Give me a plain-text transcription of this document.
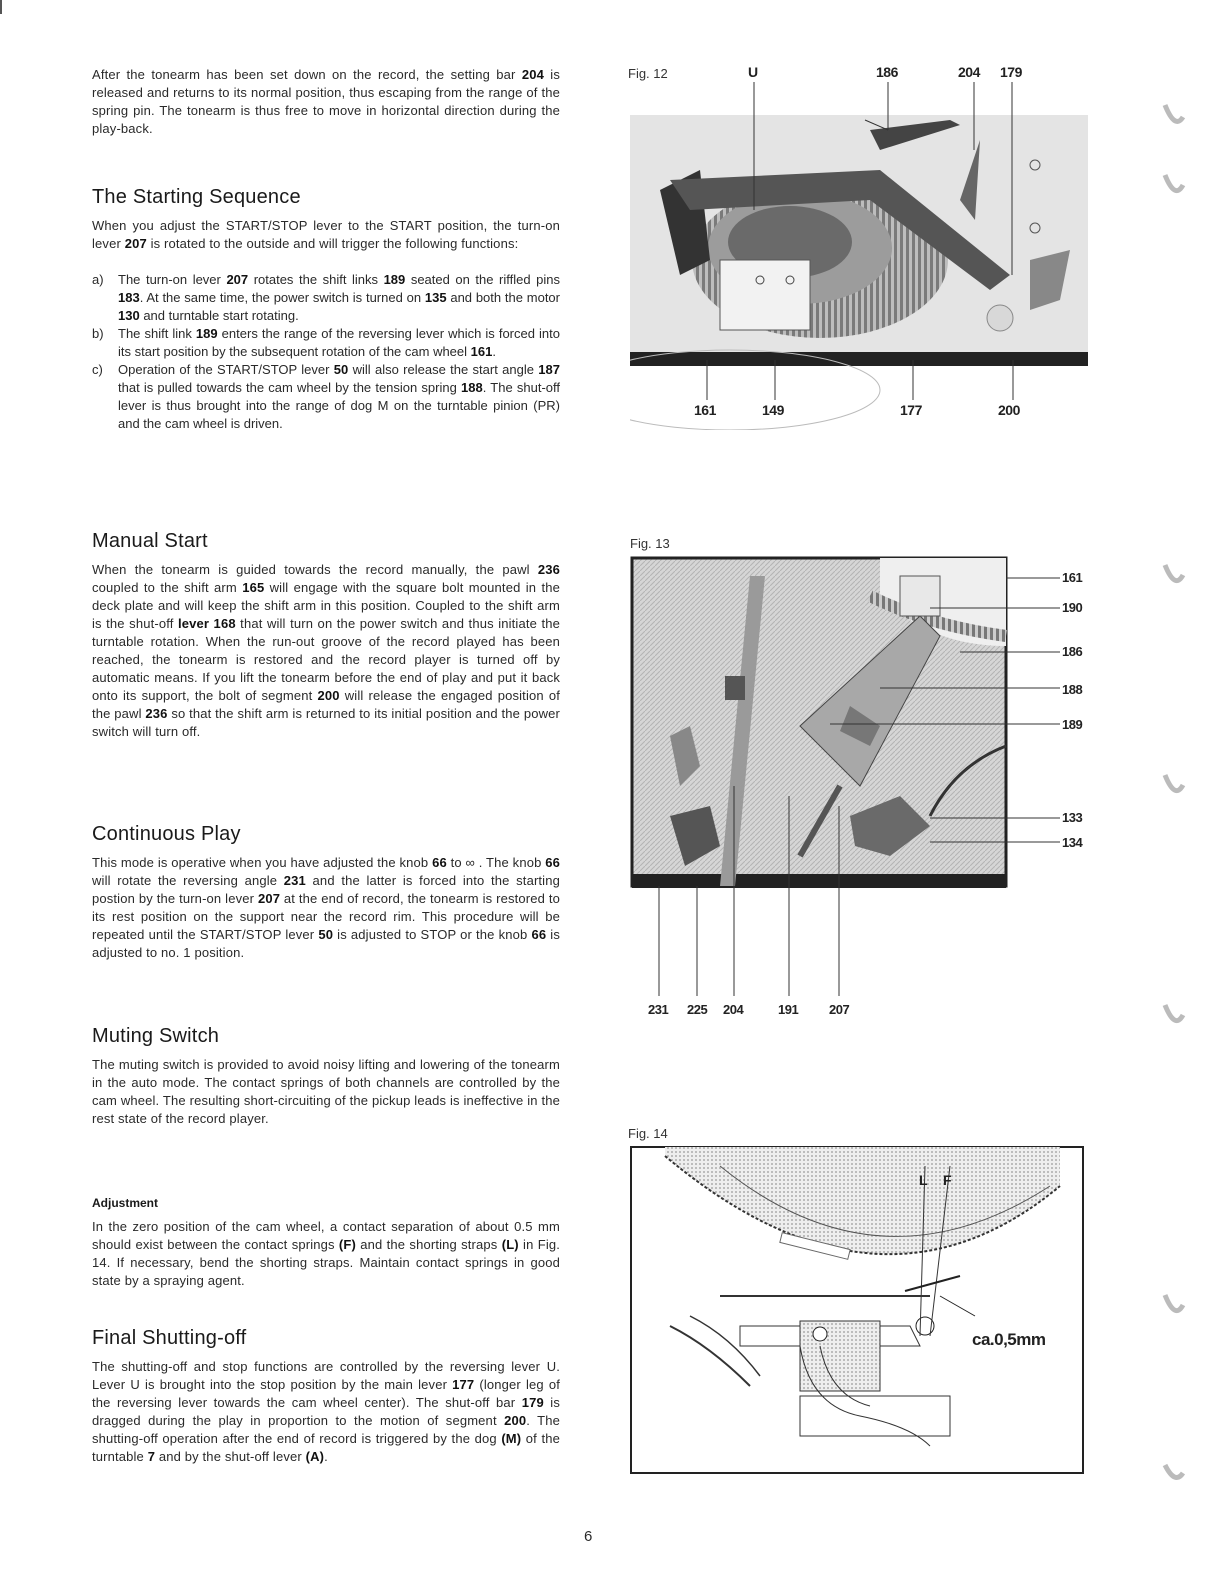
After the tonearm has been set down on the record, the setting bar 204 is released and returns to its normal position, thus escaping from the range of the spring pin. The tonearm is thus free to move in horizontal direction during the play-back.

The Starting Sequence

When you adjust the START/STOP lever to the START position, the turn-on lever 207 is rotated to the outside and will trigger the following functions:

a)	The turn-on lever 207 rotates the shift links 189 seated on the riffled pins 183. At the same time, the power switch is turned on 135 and both the motor 130 and turntable start rotating.
b)	The shift link 189 enters the range of the reversing lever which is forced into its start position by the subsequent rotation of the cam wheel 161.
c)	Operation of the START/STOP lever 50 will also release the start angle 187 that is pulled towards the cam wheel by the tension spring 188. The shut-off lever is thus brought into the range of dog M on the turntable pinion (PR) and the cam wheel is driven.
Manual Start

When the tonearm is guided towards the record manually, the pawl 236 coupled to the shift arm 165 will engage with the square bolt mounted in the deck plate and will keep the shift arm in this position. Coupled to the shift arm is the shut-off lever 168 that will turn on the power switch and thus initiate the turntable rotation. When the run-out groove of the record played has been reached, the tonearm is restored and the record player is turned off by automatic means. If you lift the tonearm before the end of play and put it back onto its support, the bolt of segment 200 will release the engaged position of the pawl 236 so that the shift arm is returned to its initial position and the power switch will turn off.

Continuous Play

This mode is operative when you have adjusted the knob 66 to ∞ . The knob 66 will rotate the reversing angle 231 and the latter is forced into the starting postion by the turn-on lever 207 at the end of record, the tonearm is restored to its rest position on the support near the record rim. This procedure will be repeated until the START/STOP lever 50 is adjusted to STOP or the knob 66 is adjusted to no. 1 position.

Muting Switch

The muting switch is provided to avoid noisy lifting and lowering of the tonearm in the auto mode. The contact springs of both channels are controlled by the cam wheel. The resulting short-circuiting of the pickup leads is ineffective in the rest state of the record player.

Adjustment

In the zero position of the cam wheel, a contact separation of about 0.5 mm should exist between the contact springs (F) and the shorting straps (L) in Fig. 14. If necessary, bend the shorting straps. Maintain contact springs in good state by a spraying agent.

Final Shutting-off

The shutting-off and stop functions are controlled by the reversing lever U. Lever U is brought into the stop position by the main lever 177 (longer leg of the reversing lever towards the cam wheel center). The shut-off bar 179 is dragged during the play in proportion to the motion of segment 200. The shutting-off operation after the end of record is triggered by the dog (M) of the turntable 7 and by the shut-off lever (A).

Fig. 12	U	186	204 179
161	149	177	200
Fig. 13
161
190
186
188
189
133
134
231 225 204	191 207
Fig. 14
L F
ca.0,5mm
6
